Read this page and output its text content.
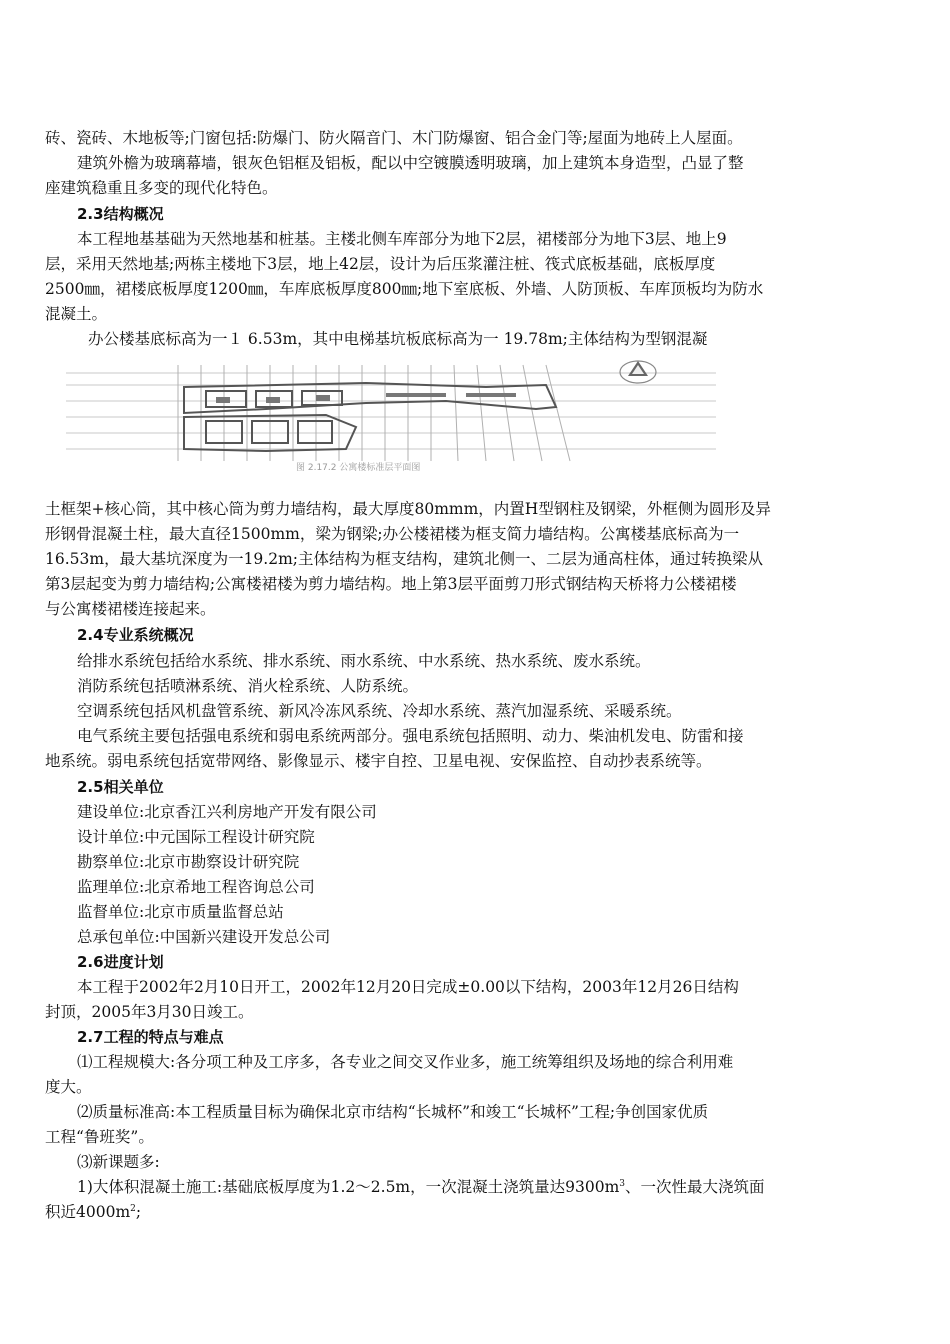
砖、瓷砖、木地板等;门窗包括:防爆门、防火隔音门、木门防爆窗、铝合金门等;屋面为地砖上人屋面。
建筑外檐为玻璃幕墙，银灰色铝框及铝板，配以中空镀膜透明玻璃，加上建筑本身造型，凸显了整
座建筑稳重且多变的现代化特色。
2.3结构概况
本工程地基基础为天然地基和桩基。主楼北侧车库部分为地下2层，裙楼部分为地下3层、地上9
层，采用天然地基;两栋主楼地下3层，地上42层，设计为后压浆灌注桩、筏式底板基础，底板厚度
2500㎜，裙楼底板厚度1200㎜，车库底板厚度800㎜;地下室底板、外墙、人防顶板、车库顶板均为防水
混凝土。
办公楼基底标高为一１ 6.53m，其中电梯基坑板底标高为一 19.78m;主体结构为型钢混凝
图 2.17.2 公寓楼标准层平面图
土框架+核心筒，其中核心筒为剪力墙结构，最大厚度80mmm，内置H型钢柱及钢梁，外框侧为圆形及异
形钢骨混凝土柱，最大直径1500mm，梁为钢梁;办公楼裙楼为框支简力墙结构。公寓楼基底标高为一
16.53m，最大基坑深度为一19.2m;主体结构为框支结构，建筑北侧一、二层为通高柱体，通过转换梁从
第3层起变为剪力墙结构;公寓楼裙楼为剪力墙结构。地上第3层平面剪刀形式钢结构天桥将力公楼裙楼
与公寓楼裙楼连接起来。
2.4专业系统概况
给排水系统包括给水系统、排水系统、雨水系统、中水系统、热水系统、废水系统。
消防系统包括喷淋系统、消火栓系统、人防系统。
空调系统包括风机盘管系统、新风冷冻风系统、冷却水系统、蒸汽加湿系统、采暖系统。
电气系统主要包括强电系统和弱电系统两部分。强电系统包括照明、动力、柴油机发电、防雷和接
地系统。弱电系统包括宽带网络、影像显示、楼宇自控、卫星电视、安保监控、自动抄表系统等。
2.5相关单位
建设单位:北京香江兴利房地产开发有限公司
设计单位:中元国际工程设计研究院
勘察单位:北京市勘察设计研究院
监理单位:北京希地工程咨询总公司
监督单位:北京市质量监督总站
总承包单位:中国新兴建设开发总公司
2.6进度计划
本工程于2002年2月10日开工，2002年12月20日完成±0.00以下结构，2003年12月26日结构
封顶，2005年3月30日竣工。
2.7工程的特点与难点
⑴工程规模大:各分项工种及工序多，各专业之间交叉作业多，施工统筹组织及场地的综合利用难
度大。
⑵质量标准高:本工程质量目标为确保北京市结构“长城杯”和竣工“长城杯”工程;争创国家优质
工程“鲁班奖”。
⑶新课题多:
1)大体积混凝土施工:基础底板厚度为1.2～2.5m，一次混凝土浇筑量达$9300m^3$、一次性最大浇筑面
积近$4000m^2$;
